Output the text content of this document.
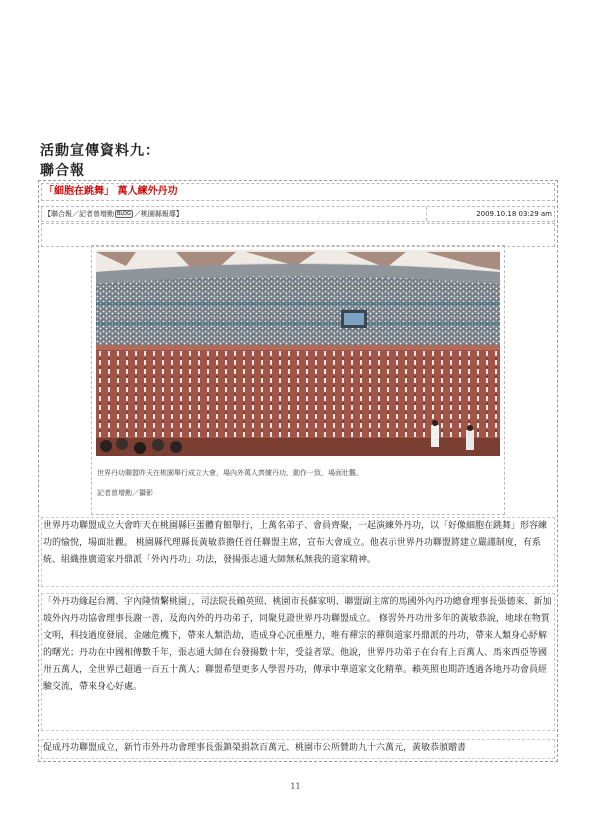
活動宣傳資料九：
聯合報
「細胞在跳舞」 萬人練外丹功
【聯合報／記者曾增勳 BLOG ／桃園縣報導】	2009.10.18 03:29 am
世界丹功聯盟昨天在桃園舉行成立大會，場內外萬人齊練丹功，動作一致，場面壯觀。
記者曾增勳／攝影
世界丹功聯盟成立大會昨天在桃園縣巨蛋體育館舉行，上萬名弟子、會員齊聚，一起演練外丹功，以「好像細胞在跳舞」形容練功的愉悅，場面壯觀。 桃園縣代理縣長黃敏恭擔任首任聯盟主席，宣布大會成立。他表示世界丹功聯盟將建立嚴謹制度，有系統、組織推廣道家丹鼎派「外內丹功」功法，發揚張志通大師無私無我的道家精神。
「外丹功緣起台灣、宇內隆情繫桃園」，司法院長賴英照、桃園市長蘇家明、聯盟副主席的馬國外內丹功總會理事長張德來、新加坡外內丹功協會理事長謝一善，及海內外的丹功弟子，同聚見證世界丹功聯盟成立。 修習外丹功卅多年的黃敏恭說，地球在物質文明，科技過度發展、金融危機下，帶來人類浩劫，造成身心沉重壓力，唯有禪宗的禪與道家丹鼎派的丹功，帶來人類身心紓解的曙光；丹功在中國相傳數千年，張志通大師在台發揚數十年，受益者眾。他說，世界丹功弟子在台有上百萬人、馬來西亞等國卅五萬人，全世界已超過一百五十萬人；聯盟希望更多人學習丹功，傳承中華道家文化精華。賴英照也期許透過各地丹功會員經驗交流，帶來身心好處。
促成丹功聯盟成立，新竹市外丹功會理事長張鎮榮捐款百萬元、桃園市公所贊助九十六萬元，黃敏恭頒贈書
11
